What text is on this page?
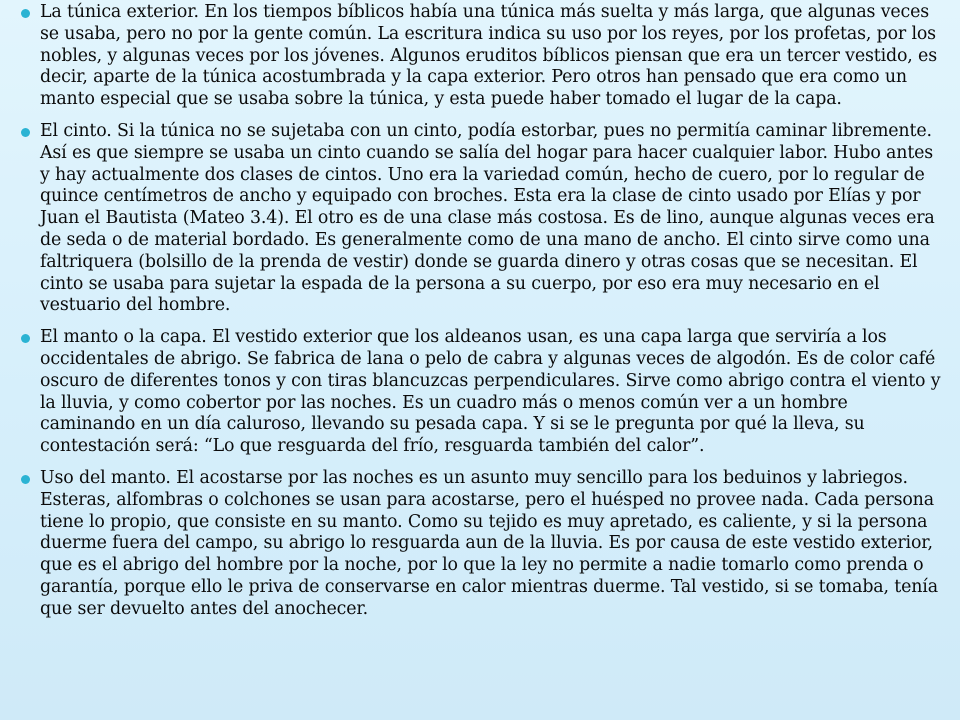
La túnica exterior. En los tiempos bíblicos había una túnica más suelta y más larga, que algunas veces se usaba, pero no por la gente común. La escritura indica su uso por los reyes, por los profetas, por los nobles, y algunas veces por los jóvenes. Algunos eruditos bíblicos piensan que era un tercer vestido, es decir, aparte de la túnica acostumbrada y la capa exterior. Pero otros han pensado que era como un manto especial que se usaba sobre la túnica, y esta puede haber tomado el lugar de la capa.
El cinto. Si la túnica no se sujetaba con un cinto, podía estorbar, pues no permitía caminar libremente. Así es que siempre se usaba un cinto cuando se salía del hogar para hacer cualquier labor. Hubo antes y hay actualmente dos clases de cintos. Uno era la variedad común, hecho de cuero, por lo regular de quince centímetros de ancho y equipado con broches. Esta era la clase de cinto usado por Elías y por Juan el Bautista (Mateo 3.4). El otro es de una clase más costosa. Es de lino, aunque algunas veces era de seda o de material bordado. Es generalmente como de una mano de ancho. El cinto sirve como una faltriquera (bolsillo de la prenda de vestir) donde se guarda dinero y otras cosas que se necesitan. El cinto se usaba para sujetar la espada de la persona a su cuerpo, por eso era muy necesario en el vestuario del hombre.
El manto o la capa. El vestido exterior que los aldeanos usan, es una capa larga que serviría a los occidentales de abrigo. Se fabrica de lana o pelo de cabra y algunas veces de algodón. Es de color café oscuro de diferentes tonos y con tiras blancuzcas perpendiculares. Sirve como abrigo contra el viento y la lluvia, y como cobertor por las noches. Es un cuadro más o menos común ver a un hombre caminando en un día caluroso, llevando su pesada capa. Y si se le pregunta por qué la lleva, su contestación será: “Lo que resguarda del frío, resguarda también del calor”.
Uso del manto. El acostarse por las noches es un asunto muy sencillo para los beduinos y labriegos. Esteras, alfombras o colchones se usan para acostarse, pero el huésped no provee nada. Cada persona tiene lo propio, que consiste en su manto. Como su tejido es muy apretado, es caliente, y si la persona duerme fuera del campo, su abrigo lo resguarda aun de la lluvia. Es por causa de este vestido exterior, que es el abrigo del hombre por la noche, por lo que la ley no permite a nadie tomarlo como prenda o garantía, porque ello le priva de conservarse en calor mientras duerme. Tal vestido, si se tomaba, tenía que ser devuelto antes del anochecer.
